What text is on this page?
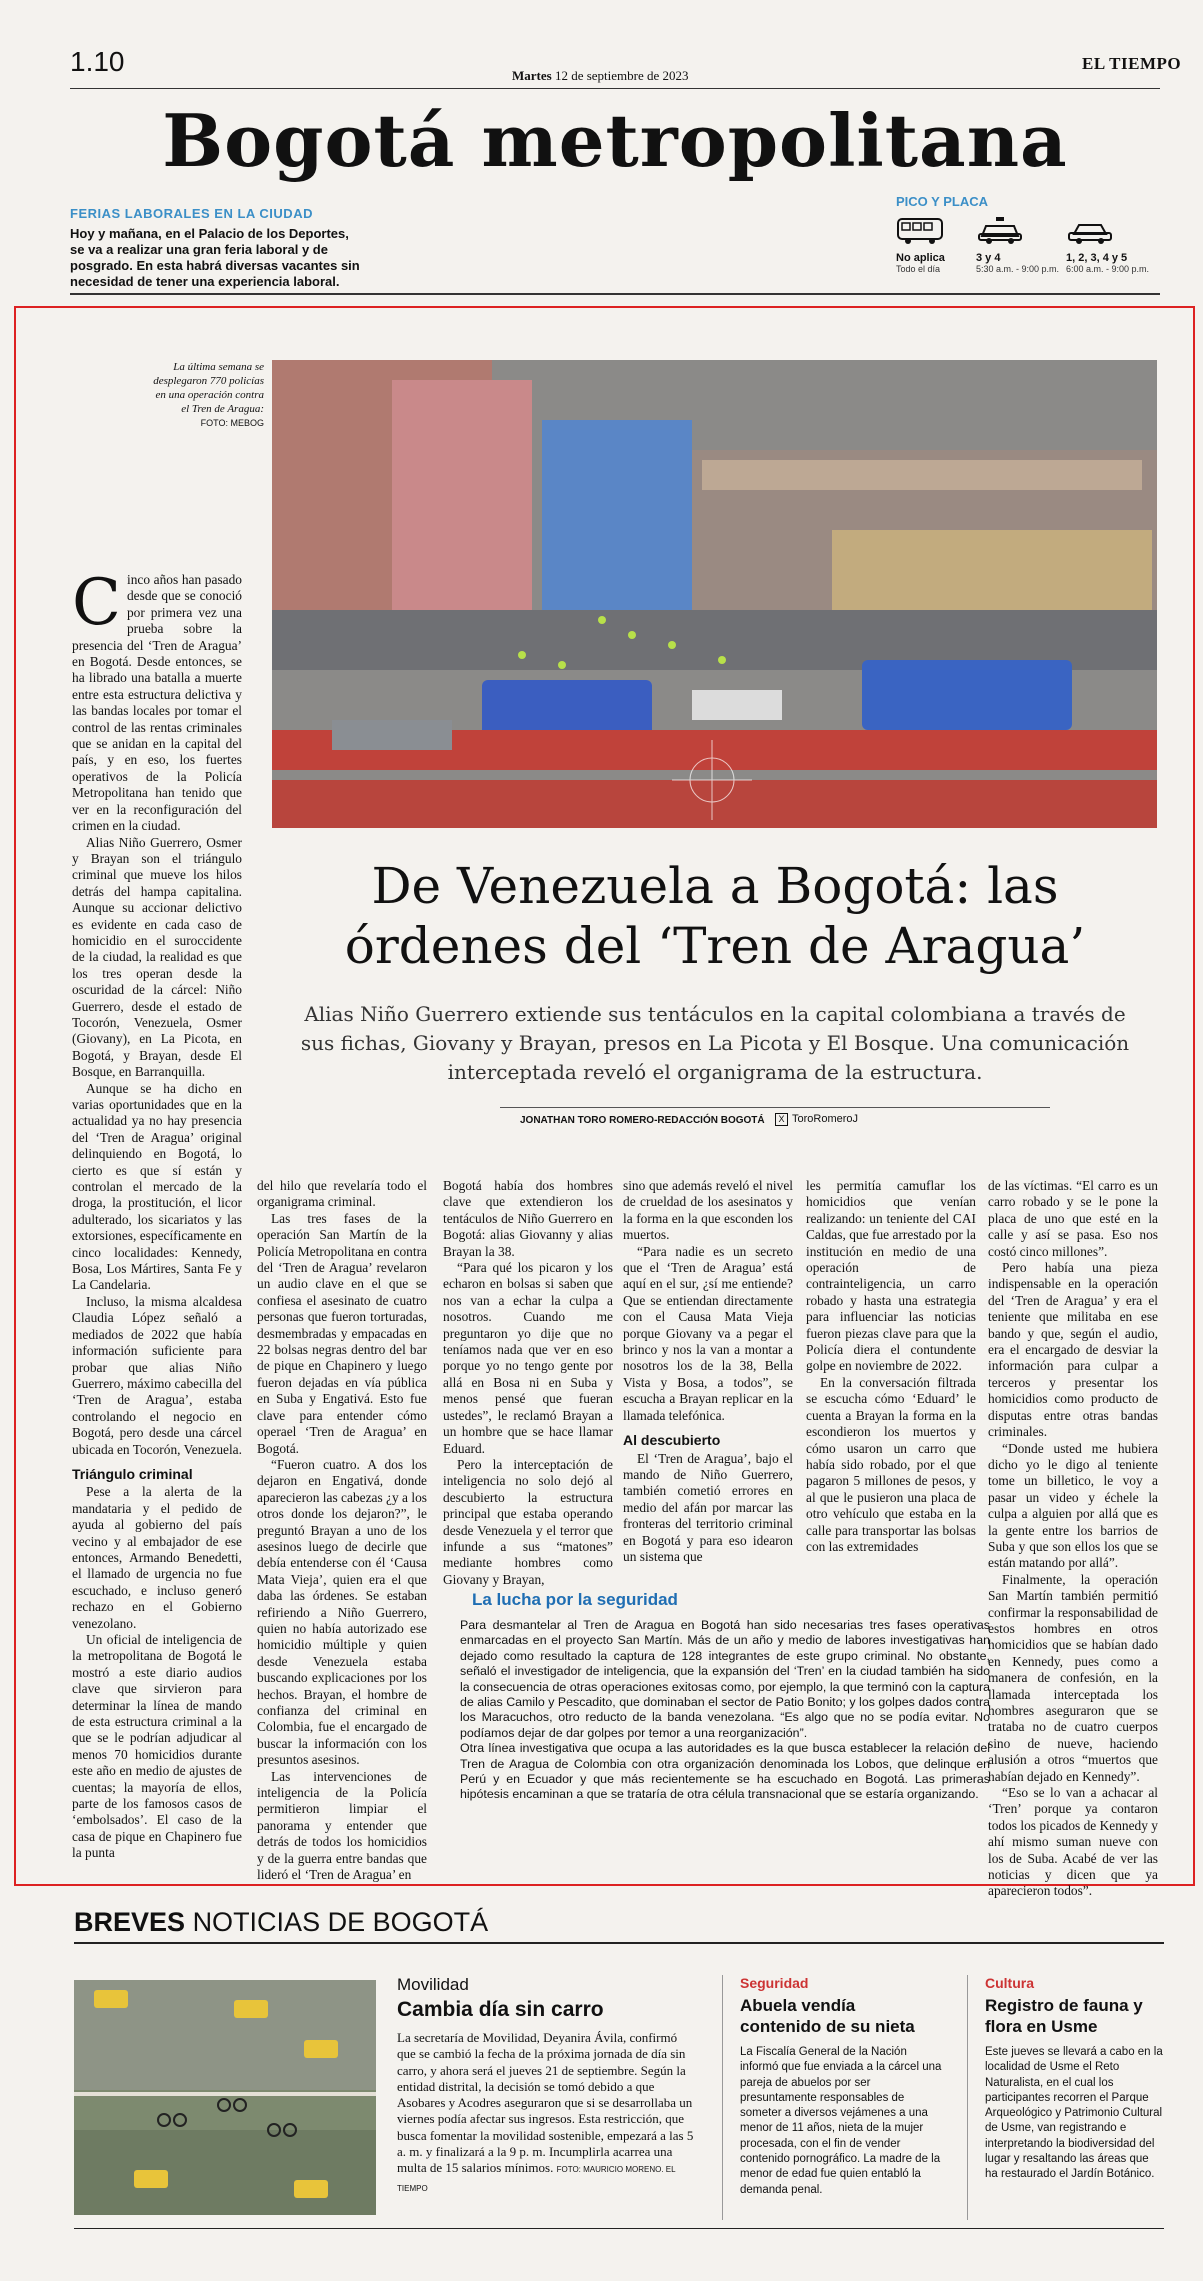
1.10	Martes 12 de septiembre de 2023
EL TIEMPO
Bogotá metropolitana
FERIAS LABORALES EN LA CIUDAD
Hoy y mañana, en el Palacio de los Deportes, se va a realizar una gran feria laboral y de posgrado. En esta habrá diversas vacantes sin necesidad de tener una experiencia laboral.
PICO Y PLACA
No aplica
Todo el día
3 y 4
5:30 a.m. - 9:00 p.m.
1, 2, 3, 4 y 5
6:00 a.m. - 9:00 p.m.
La última semana se desplegaron 770 policías en una operación contra el Tren de Aragua: FOTO: MEBOG
De Venezuela a Bogotá: las órdenes del ‘Tren de Aragua’
Alias Niño Guerrero extiende sus tentáculos en la capital colombiana a través de sus fichas, Giovany y Brayan, presos en La Picota y El Bosque. Una comunicación interceptada reveló el organigrama de la estructura.
JONATHAN TORO ROMERO-REDACCIÓN BOGOTÁ	X ToroRomeroJ
C inco años han pasado desde que se conoció por primera vez una prueba sobre la presencia del ‘Tren de Aragua’ en Bogotá. Desde entonces, se ha librado una batalla a muerte entre esta estructura delictiva y las bandas locales por tomar el control de las rentas criminales que se anidan en la capital del país, y en eso, los fuertes operativos de la Policía Metropolitana han tenido que ver en la reconfiguración del crimen en la ciudad.

Alias Niño Guerrero, Osmer y Brayan son el triángulo criminal que mueve los hilos detrás del hampa capitalina. Aunque su accionar delictivo es evidente en cada caso de homicidio en el suroccidente de la ciudad, la realidad es que los tres operan desde la oscuridad de la cárcel: Niño Guerrero, desde el estado de Tocorón, Venezuela, Osmer (Giovany), en La Picota, en Bogotá, y Brayan, desde El Bosque, en Barranquilla.

Aunque se ha dicho en varias oportunidades que en la actualidad ya no hay presencia del ‘Tren de Aragua’ original delinquiendo en Bogotá, lo cierto es que sí están y controlan el mercado de la droga, la prostitución, el licor adulterado, los sicariatos y las extorsiones, específicamente en cinco localidades: Kennedy, Bosa, Los Mártires, Santa Fe y La Candelaria.

Incluso, la misma alcaldesa Claudia López señaló a mediados de 2022 que había información suficiente para probar que alias Niño Guerrero, máximo cabecilla del ‘Tren de Aragua’, estaba controlando el negocio en Bogotá, pero desde una cárcel ubicada en Tocorón, Venezuela.

Triángulo criminal

Pese a la alerta de la mandataria y el pedido de ayuda al gobierno del país vecino y al embajador de ese entonces, Armando Benedetti, el llamado de urgencia no fue escuchado, e incluso generó rechazo en el Gobierno venezolano.

Un oficial de inteligencia de la metropolitana de Bogotá le mostró a este diario audios clave que sirvieron para determinar la línea de mando de esta estructura criminal a la que se le podrían adjudicar al menos 70 homicidios durante este año en medio de ajustes de cuentas; la mayoría de ellos, parte de los famosos casos de ‘embolsados’. El caso de la casa de pique en Chapinero fue la punta

del hilo que revelaría todo el organigrama criminal.

Las tres fases de la operación San Martín de la Policía Metropolitana en contra del ‘Tren de Aragua’ revelaron un audio clave en el que se confiesa el asesinato de cuatro personas que fueron torturadas, desmembradas y empacadas en 22 bolsas negras dentro del bar de pique en Chapinero y luego fueron dejadas en vía pública en Suba y Engativá. Esto fue clave para entender cómo operael ‘Tren de Aragua’ en Bogotá.

“Fueron cuatro. A dos los dejaron en Engativá, donde aparecieron las cabezas ¿y a los otros donde los dejaron?”, le preguntó Brayan a uno de los asesinos luego de decirle que debía entenderse con él ‘Causa Mata Vieja’, quien era el que daba las órdenes. Se estaban refiriendo a Niño Guerrero, quien no había autorizado ese homicidio múltiple y quien desde Venezuela estaba buscando explicaciones por los hechos. Brayan, el hombre de confianza del criminal en Colombia, fue el encargado de buscar la información con los presuntos asesinos.

Las intervenciones de inteligencia de la Policía permitieron limpiar el panorama y entender que detrás de todos los homicidios y de la guerra entre bandas que lideró el ‘Tren de Aragua’ en

Bogotá había dos hombres clave que extendieron los tentáculos de Niño Guerrero en Bogotá: alias Giovanny y alias Brayan la 38.

“Para qué los picaron y los echaron en bolsas si saben que nos van a echar la culpa a nosotros. Cuando me preguntaron yo dije que no teníamos nada que ver en eso porque yo no tengo gente por allá en Bosa ni en Suba y menos pensé que fueran ustedes”, le reclamó Brayan a un hombre que se hace llamar Eduard.

Pero la interceptación de inteligencia no solo dejó al descubierto la estructura principal que estaba operando desde Venezuela y el terror que infunde a sus “matones” mediante hombres como Giovany y Brayan,

sino que además reveló el nivel de crueldad de los asesinatos y la forma en la que esconden los muertos.

“Para nadie es un secreto que el ‘Tren de Aragua’ está aquí en el sur, ¿sí me entiende? Que se entiendan directamente con el Causa Mata Vieja porque Giovany va a pegar el brinco y nos la van a montar a nosotros los de la 38, Bella Vista y Bosa, a todos”, se escucha a Brayan replicar en la llamada telefónica.

Al descubierto

El ‘Tren de Aragua’, bajo el mando de Niño Guerrero, también cometió errores en medio del afán por marcar las fronteras del territorio criminal en Bogotá y para eso idearon un sistema que

les permitía camuflar los homicidios que venían realizando: un teniente del CAI Caldas, que fue arrestado por la institución en medio de una operación de contrainteligencia, un carro robado y hasta una estrategia para influenciar las noticias fueron piezas clave para que la Policía diera el contundente golpe en noviembre de 2022.

En la conversación filtrada se escucha cómo ‘Eduard’ le cuenta a Brayan la forma en la escondieron los muertos y cómo usaron un carro que había sido robado, por el que pagaron 5 millones de pesos, y al que le pusieron una placa de otro vehículo que estaba en la calle para transportar las bolsas con las extremidades

de las víctimas. “El carro es un carro robado y se le pone la placa de uno que esté en la calle y así se pasa. Eso nos costó cinco millones”.

Pero había una pieza indispensable en la operación del ‘Tren de Aragua’ y era el teniente que militaba en ese bando y que, según el audio, era el encargado de desviar la información para culpar a terceros y presentar los homicidios como producto de disputas entre otras bandas criminales.

“Donde usted me hubiera dicho yo le digo al teniente tome un billetico, le voy a pasar un video y échele la culpa a alguien por allá que es la gente entre los barrios de Suba y que son ellos los que se están matando por allá”.

Finalmente, la operación San Martín también permitió confirmar la responsabilidad de estos hombres en otros homicidios que se habían dado en Kennedy, pues como a manera de confesión, en la llamada interceptada los hombres aseguraron que se trataba no de cuatro cuerpos sino de nueve, haciendo alusión a otros “muertos que habían dejado en Kennedy”.

“Eso se lo van a achacar al ‘Tren’ porque ya contaron todos los picados de Kennedy y ahí mismo suman nueve con los de Suba. Acabé de ver las noticias y dicen que ya aparecieron todos”.

La lucha por la seguridad
Para desmantelar al Tren de Aragua en Bogotá han sido necesarias tres fases operativas enmarcadas en el proyecto San Martín. Más de un año y medio de labores investigativas han dejado como resultado la captura de 128 integrantes de este grupo criminal. No obstante, señaló el investigador de inteligencia, que la expansión del ‘Tren’ en la ciudad también ha sido la consecuencia de otras operaciones exitosas como, por ejemplo, la que terminó con la captura de alias Camilo y Pescadito, que dominaban el sector de Patio Bonito; y los golpes dados contra los Maracuchos, otro reducto de la banda venezolana. “Es algo que no se podía evitar. No podíamos dejar de dar golpes por temor a una reorganización”.
Otra línea investigativa que ocupa a las autoridades es la que busca establecer la relación del Tren de Aragua de Colombia con otra organización denominada los Lobos, que delinque en Perú y en Ecuador y que más recientemente se ha escuchado en Bogotá. Las primeras hipótesis encaminan a que se trataría de otra célula transnacional que se estaría organizando.
BREVES NOTICIAS DE BOGOTÁ
Movilidad
Cambia día sin carro
La secretaría de Movilidad, Deyanira Ávila, confirmó que se cambió la fecha de la próxima jornada de día sin carro, y ahora será el jueves 21 de septiembre. Según la entidad distrital, la decisión se tomó debido a que Asobares y Acodres aseguraron que si se desarrollaba un viernes podía afectar sus ingresos. Esta restricción, que busca fomentar la movilidad sostenible, empezará a las 5 a. m. y finalizará a la 9 p. m. Incumplirla acarrea una multa de 15 salarios mínimos. FOTO: MAURICIO MORENO. EL TIEMPO
Seguridad
Abuela vendía contenido de su nieta
La Fiscalía General de la Nación informó que fue enviada a la cárcel una pareja de abuelos por ser presuntamente responsables de someter a diversos vejámenes a una menor de 11 años, nieta de la mujer procesada, con el fin de vender contenido pornográfico. La madre de la menor de edad fue quien entabló la demanda penal.
Cultura
Registro de fauna y flora en Usme
Este jueves se llevará a cabo en la localidad de Usme el Reto Naturalista, en el cual los participantes recorren el Parque Arqueológico y Patrimonio Cultural de Usme, van registrando e interpretando la biodiversidad del lugar y resaltando las áreas que ha restaurado el Jardín Botánico.
